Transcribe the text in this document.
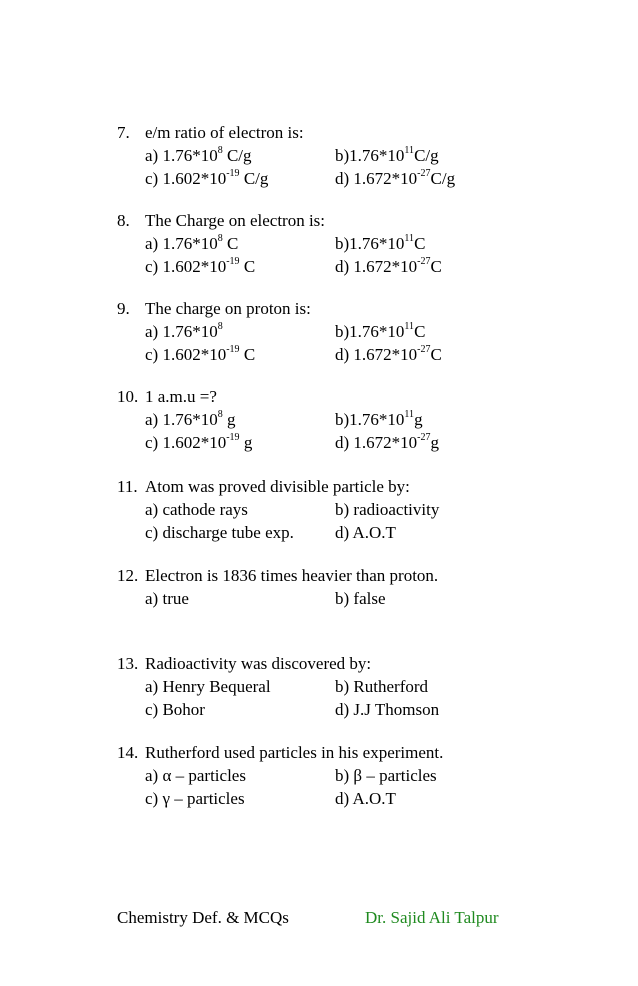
7. e/m ratio of electron is:
a) $1.76*10^8$ C/g	$b)1.76*10^{11}C/g$
c) $1.602*10^{-19}$ C/g	d) $1.672*10^{-27}C/g$
8. The Charge on electron is:
a) $1.76*10^8$ C	$b)1.76*10^{11}C$
c) $1.602*10^{-19}$ C	d) $1.672*10^{-27}C$
9. The charge on proton is:
a) $1.76*10^8$	$b)1.76*10^{11}C$
c) $1.602*10^{-19}$ C	d) $1.672*10^{-27}C$
10. 1 a.m.u =?
a) $1.76*10^8$ g	$b)1.76*10^{11}g$
c) $1.602*10^{-19}$ g	d) $1.672*10^{-27}g$
11. Atom was proved divisible particle by:
a) cathode rays	b) radioactivity
c) discharge tube exp. d) A.O.T
12. Electron is 1836 times heavier than proton.
a) true	b) false
13. Radioactivity was discovered by:
a) Henry Bequeral	b) Rutherford
c) Bohor	d) J.J Thomson
14. Rutherford used particles in his experiment.
a) α – particles	b) β – particles
c) γ – particles	d) A.O.T
Chemistry Def. & MCQs	Dr. Sajid Ali Talpur
